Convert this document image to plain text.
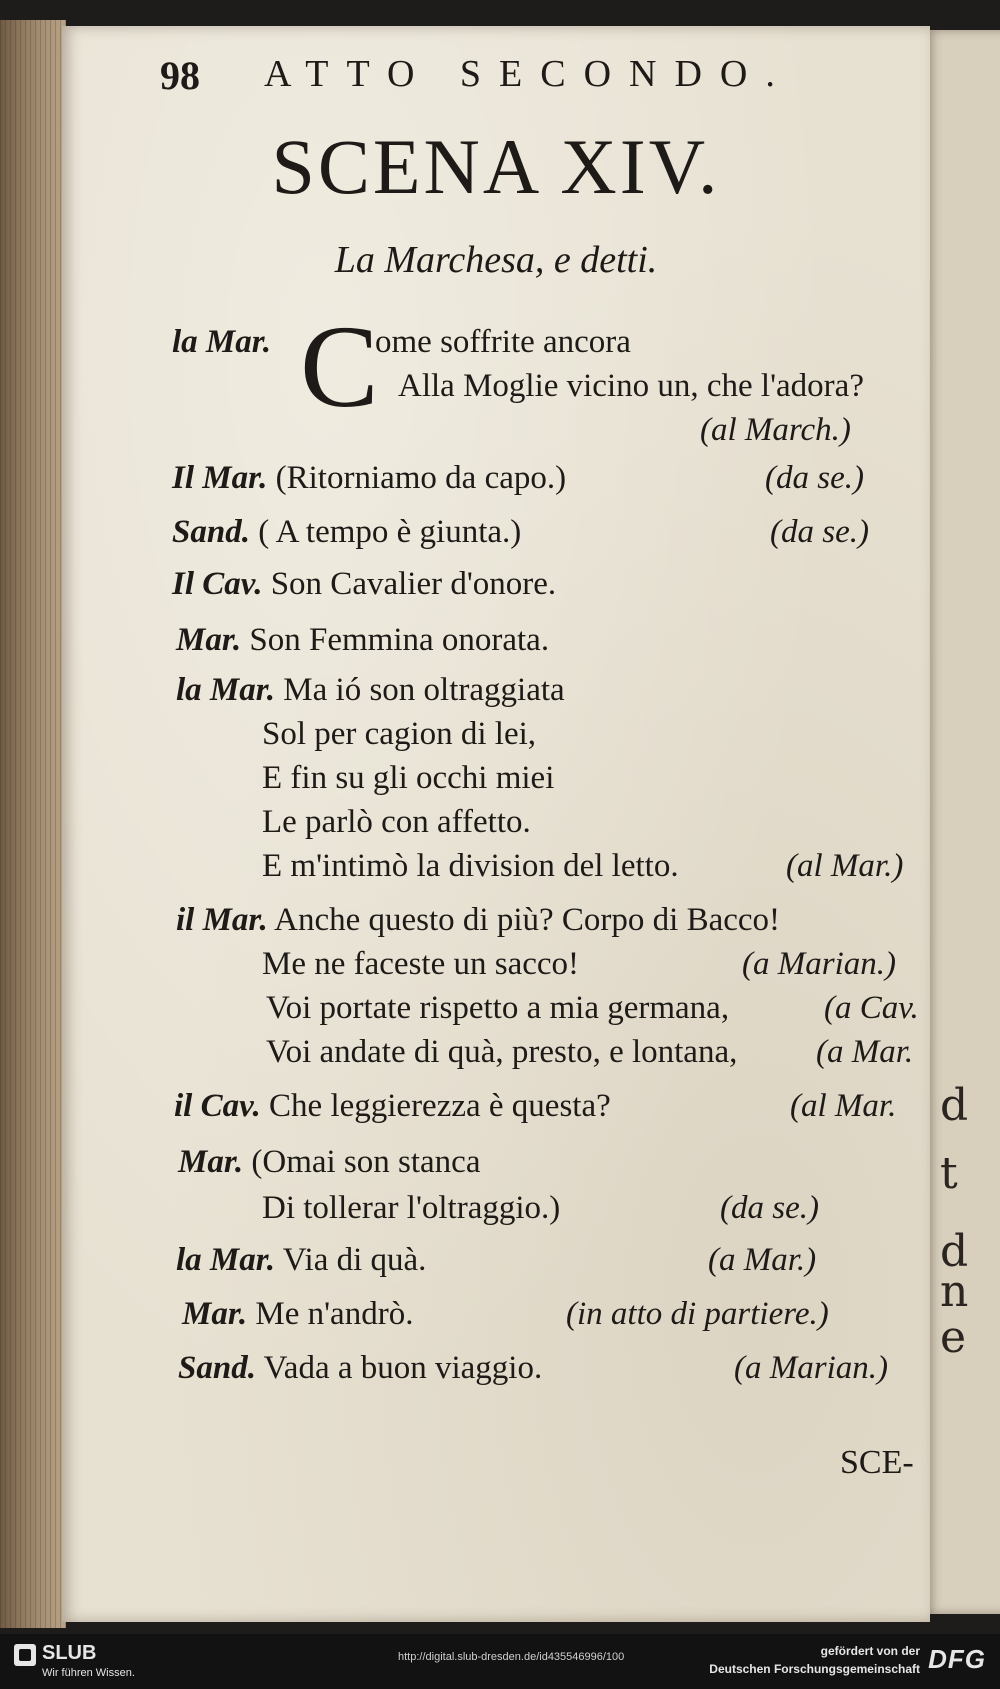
d
t
d
n
e
98 ATTO SECONDO.
SCENA XIV.
La Marchesa, e detti.
C
la Mar.	ome soffrite ancora
Alla Moglie vicino un, che l'adora?
(al March.)
Il Mar. (Ritorniamo da capo.)	(da se.)
Sand. ( A tempo è giunta.)	(da se.)
Il Cav. Son Cavalier d'onore.
Mar. Son Femmina onorata.
la Mar. Ma ió son oltraggiata
Sol per cagion di lei,
E fin su gli occhi miei
Le parlò con affetto.
E m'intimò la division del letto.	(al Mar.)
il Mar. Anche questo di più? Corpo di Bacco!
Me ne faceste un sacco!	(a Marian.)
Voi portate rispetto a mia germana,	(a Cav.
Voi andate di quà, presto, e lontana, (a Mar.
il Cav. Che leggierezza è questa?	(al Mar.
Mar. (Omai son stanca
Di tollerar l'oltraggio.)	(da se.)
la Mar. Via di quà.	(a Mar.)
Mar. Me n'andrò.	(in atto di partiere.)
Sand. Vada a buon viaggio.	(a Marian.)
SCE-
SLUB
Wir führen Wissen.
http://digital.slub-dresden.de/id435546996/100	gefördert von der
Deutschen Forschungsgemeinschaft DFG
